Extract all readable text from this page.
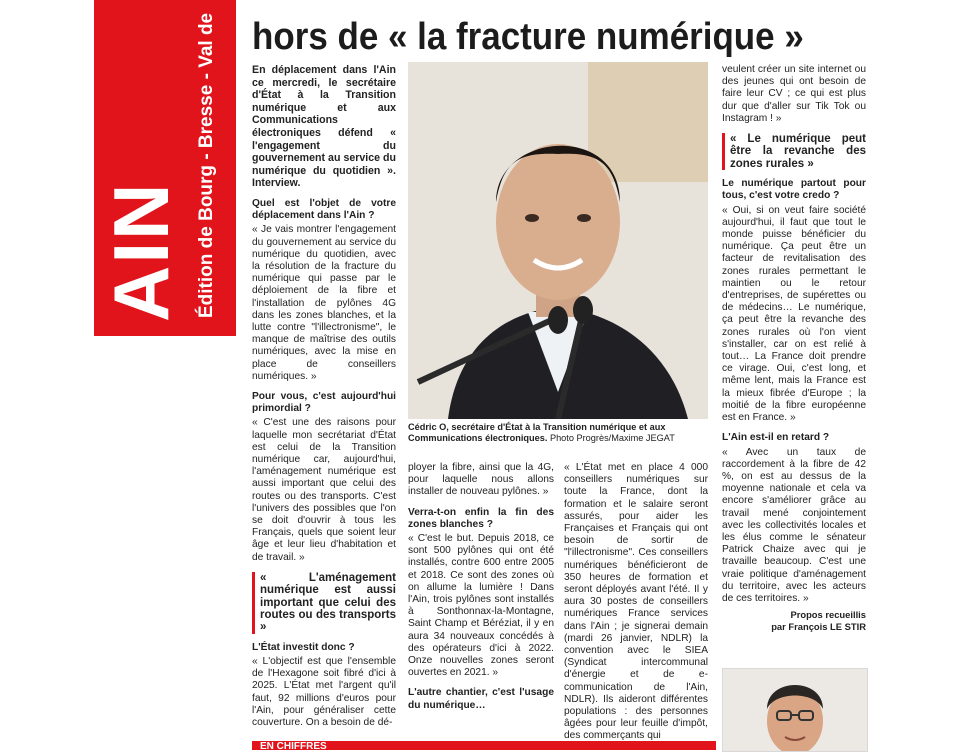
AIN Édition de Bourg - Bresse - Val de hors de « la fracture numérique »

En déplacement dans l'Ain ce mercredi, le secrétaire d'État à la Transition numérique et aux Communications électroniques défend « l'engagement du gouvernement au service du numérique du quotidien ». Interview.

Quel est l'objet de votre déplacement dans l'Ain ?

« Je vais montrer l'engagement du gouvernement au service du numérique du quotidien, avec la résolution de la fracture du numérique qui passe par le déploiement de la fibre et l'installation de pylônes 4G dans les zones blanches, et la lutte contre "l'illectronisme", le manque de maîtrise des outils numériques, avec la mise en place de conseillers numériques. »

Pour vous, c'est aujourd'hui primordial ?

« C'est une des raisons pour laquelle mon secrétariat d'État est celui de la Transition numérique car, aujourd'hui, l'aménagement numérique est aussi important que celui des routes ou des transports. C'est l'univers des possibles que l'on se doit d'ouvrir à tous les Français, quels que soient leur âge et leur lieu d'habitation et de travail. »

« L'aménagement numérique est aussi important que celui des routes ou des transports »

L'État investit donc ?

« L'objectif est que l'ensemble de l'Hexagone soit fibré d'ici à 2025. L'État met l'argent qu'il faut, 92 millions d'euros pour l'Ain, pour généraliser cette couverture. On a besoin de dé-

Cédric O, secrétaire d'État à la Transition numérique et aux Communications électroniques. Photo Progrès/Maxime JEGAT

ployer la fibre, ainsi que la 4G, pour laquelle nous allons installer de nouveau pylônes. »

Verra-t-on enfin la fin des zones blanches ?

« C'est le but. Depuis 2018, ce sont 500 pylônes qui ont été installés, contre 600 entre 2005 et 2018. Ce sont des zones où on allume la lumière ! Dans l'Ain, trois pylônes sont installés à Sonthonnax-la-Montagne, Saint Champ et Béréziat, il y en aura 34 nouveaux concédés à des opérateurs d'ici à 2022. Onze nouvelles zones seront ouvertes en 2021. »

L'autre chantier, c'est l'usage du numérique…

« L'État met en place 4 000 conseillers numériques sur toute la France, dont la formation et le salaire seront assurés, pour aider les Françaises et Français qui ont besoin de sortir de "l'illectronisme". Ces conseillers numériques bénéficieront de 350 heures de formation et seront déployés avant l'été. Il y aura 30 postes de conseillers numériques France services dans l'Ain ; je signerai demain (mardi 26 janvier, NDLR) la convention avec le SIEA (Syndicat intercommunal d'énergie et de e-communication de l'Ain, NDLR). Ils aideront différentes populations : des personnes âgées pour leur feuille d'impôt, des commerçants qui

veulent créer un site internet ou des jeunes qui ont besoin de faire leur CV ; ce qui est plus dur que d'aller sur Tik Tok ou Instagram ! »

« Le numérique peut être la revanche des zones rurales »

Le numérique partout pour tous, c'est votre credo ?

« Oui, si on veut faire société aujourd'hui, il faut que tout le monde puisse bénéficier du numérique. Ça peut être un facteur de revitalisation des zones rurales permettant le maintien ou le retour d'entreprises, de supérettes ou de médecins… Le numérique, ça peut être la revanche des zones rurales où l'on vient s'installer, car on est relié à tout… La France doit prendre ce virage. Oui, c'est long, et même lent, mais la France est la mieux fibrée d'Europe ; la moitié de la fibre européenne est en France. »

L'Ain est-il en retard ?

« Avec un taux de raccordement à la fibre de 42 %, on est au dessus de la moyenne nationale et cela va encore s'améliorer grâce au travail mené conjointement avec les collectivités locales et les élus comme le sénateur Patrick Chaize avec qui je travaille beaucoup. C'est une vraie politique d'aménagement du territoire, avec les acteurs de ces territoires. »

Propos recueillis
par François LE STIR
EN CHIFFRES
